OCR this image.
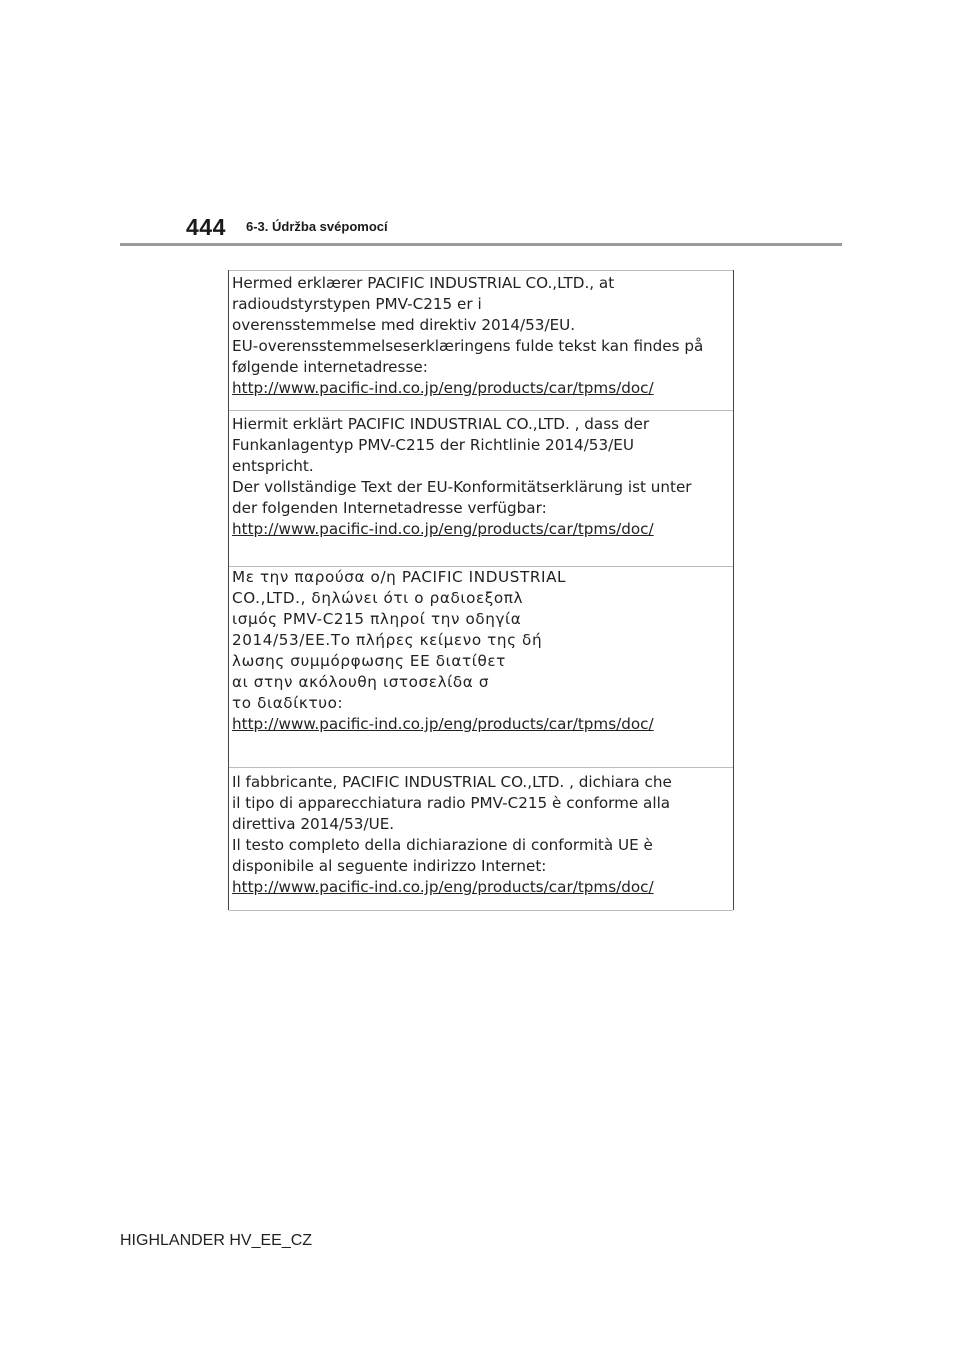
444 6-3. Údržba svépomocí
Hermed erklærer PACIFIC INDUSTRIAL CO.,LTD., at
radioudstyrstypen PMV-C215 er i
overensstemmelse med direktiv 2014/53/EU.
EU-overensstemmelseserklæringens fulde tekst kan findes på
følgende internetadresse:
http://www.pacific-ind.co.jp/eng/products/car/tpms/doc/
Hiermit erklärt PACIFIC INDUSTRIAL CO.,LTD. , dass der
Funkanlagentyp PMV-C215 der Richtlinie 2014/53/EU
entspricht.
Der vollständige Text der EU-Konformitätserklärung ist unter
der folgenden Internetadresse verfügbar:
http://www.pacific-ind.co.jp/eng/products/car/tpms/doc/
Με την παρούσα ο/η PACIFIC INDUSTRIAL
CO.,LTD., δηλώνει ότι ο ραδιοεξοπλ
ισμός PMV-C215 πληροί την οδηγία
2014/53/ΕΕ.Το πλήρες κείμενο της δή
λωσης συμμόρφωσης ΕΕ διατίθετ
αι στην ακόλουθη ιστοσελίδα σ
το διαδίκτυο:
http://www.pacific-ind.co.jp/eng/products/car/tpms/doc/
Il fabbricante, PACIFIC INDUSTRIAL CO.,LTD. , dichiara che
il tipo di apparecchiatura radio PMV-C215 è conforme alla
direttiva 2014/53/UE.
Il testo completo della dichiarazione di conformità UE è
disponibile al seguente indirizzo Internet:
http://www.pacific-ind.co.jp/eng/products/car/tpms/doc/
HIGHLANDER HV_EE_CZ
